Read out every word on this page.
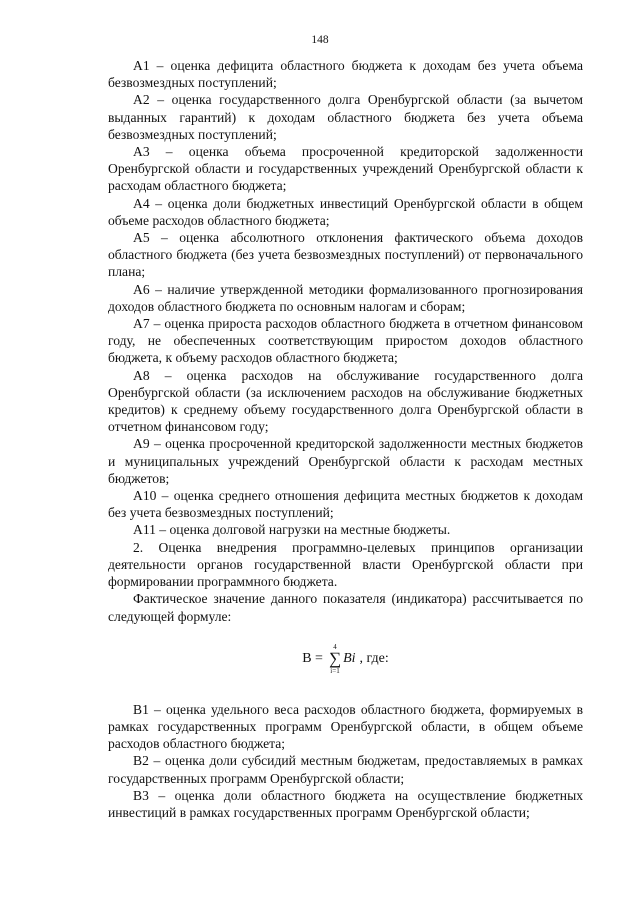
148

А1 – оценка дефицита областного бюджета к доходам без учета объема безвозмездных поступлений;

А2 – оценка государственного долга Оренбургской области (за вычетом выданных гарантий) к доходам областного бюджета без учета объема безвозмездных поступлений;

А3 – оценка объема просроченной кредиторской задолженности Оренбургской области и государственных учреждений Оренбургской области к расходам областного бюджета;

А4 – оценка доли бюджетных инвестиций Оренбургской области в общем объеме расходов областного бюджета;

А5 – оценка абсолютного отклонения фактического объема доходов областного бюджета (без учета безвозмездных поступлений) от первоначального плана;

А6 – наличие утвержденной методики формализованного прогнозирования доходов областного бюджета по основным налогам и сборам;

А7 – оценка прироста расходов областного бюджета в отчетном финансовом году, не обеспеченных соответствующим приростом доходов областного бюджета, к объему расходов областного бюджета;

А8 – оценка расходов на обслуживание государственного долга Оренбургской области (за исключением расходов на обслуживание бюджетных кредитов) к среднему объему государственного долга Оренбургской области в отчетном финансовом году;

А9 – оценка просроченной кредиторской задолженности местных бюджетов и муниципальных учреждений Оренбургской области к расходам местных бюджетов;

А10 – оценка среднего отношения дефицита местных бюджетов к доходам без учета безвозмездных поступлений;

А11 – оценка долговой нагрузки на местные бюджеты.

2. Оценка внедрения программно-целевых принципов организации деятельности органов государственной власти Оренбургской области при формировании программного бюджета.

Фактическое значение данного показателя (индикатора) рассчитывается по следующей формуле:

B =
4
∑
i=1
Bi , где:

В1 – оценка удельного веса расходов областного бюджета, формируемых в рамках государственных программ Оренбургской области, в общем объеме расходов областного бюджета;

В2 – оценка доли субсидий местным бюджетам, предоставляемых в рамках государственных программ Оренбургской области;

В3 – оценка доли областного бюджета на осуществление бюджетных инвестиций в рамках государственных программ Оренбургской области;
